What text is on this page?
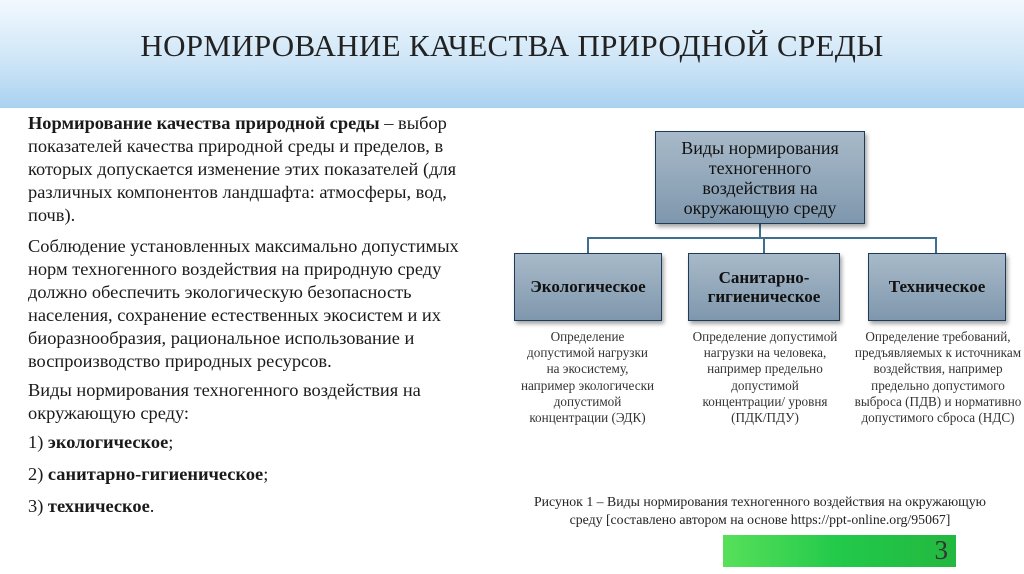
НОРМИРОВАНИЕ КАЧЕСТВА ПРИРОДНОЙ СРЕДЫ

Нормирование качества природной среды – выбор показателей качества природной среды и пределов, в которых допускается изменение этих показателей (для различных компонентов ландшафта: атмосферы, вод, почв).

Соблюдение установленных максимально допустимых норм техногенного воздействия на природную среду должно обеспечить экологическую безопасность населения, сохранение естественных экосистем и их биоразнообразия, рациональное использование и воспроизводство природных ресурсов.

Виды нормирования техногенного воздействия на окружающую среду:

1) экологическое;

2) санитарно-гигиеническое;

3) техническое.

Виды нормирования техногенного воздействия на окружающую среду
Экологическое	Санитарно-
гигиеническое
Техническое
Определение допустимой нагрузки на экосистему, например экологически допустимой концентрации (ЭДК)
Определение допустимой нагрузки на человека, например предельно допустимой концентрации/ уровня (ПДК/ПДУ)
Определение требований, предъявляемых к источникам воздействия, например предельно допустимого выброса (ПДВ) и нормативно допустимого сброса (НДС)
Рисунок 1 – Виды нормирования техногенного воздействия на окружающую
среду [составлено автором на основе https://ppt-online.org/95067]
3
